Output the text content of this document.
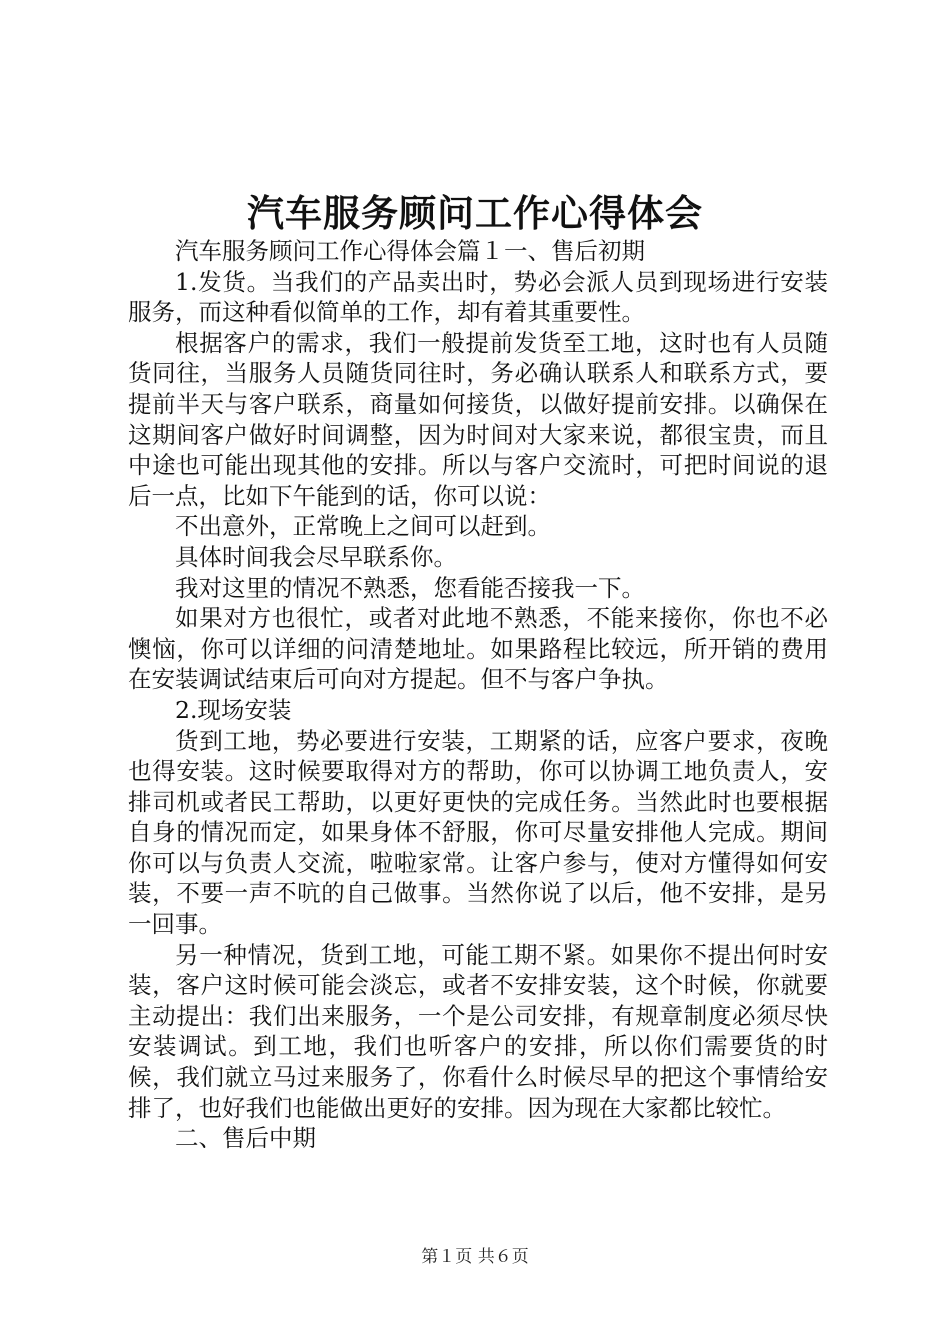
汽车服务顾问工作心得体会

汽车服务顾问工作心得体会篇１一、售后初期

1.发货。当我们的产品卖出时，势必会派人员到现场进行安装服务，而这种看似简单的工作，却有着其重要性。

根据客户的需求，我们一般提前发货至工地，这时也有人员随货同往，当服务人员随货同往时，务必确认联系人和联系方式，要提前半天与客户联系，商量如何接货，以做好提前安排。以确保在这期间客户做好时间调整，因为时间对大家来说，都很宝贵，而且中途也可能出现其他的安排。所以与客户交流时，可把时间说的退后一点，比如下午能到的话，你可以说：

不出意外，正常晚上之间可以赶到。

具体时间我会尽早联系你。

我对这里的情况不熟悉，您看能否接我一下。

如果对方也很忙，或者对此地不熟悉，不能来接你，你也不必懊恼，你可以详细的问清楚地址。如果路程比较远，所开销的费用在安装调试结束后可向对方提起。但不与客户争执。

2.现场安装

货到工地，势必要进行安装，工期紧的话，应客户要求，夜晚也得安装。这时候要取得对方的帮助，你可以协调工地负责人，安排司机或者民工帮助，以更好更快的完成任务。当然此时也要根据自身的情况而定，如果身体不舒服，你可尽量安排他人完成。期间你可以与负责人交流，啦啦家常。让客户参与，使对方懂得如何安装，不要一声不吭的自己做事。当然你说了以后，他不安排，是另一回事。

另一种情况，货到工地，可能工期不紧。如果你不提出何时安装，客户这时候可能会淡忘，或者不安排安装，这个时候，你就要主动提出：我们出来服务，一个是公司安排，有规章制度必须尽快安装调试。到工地，我们也听客户的安排，所以你们需要货的时候，我们就立马过来服务了，你看什么时候尽早的把这个事情给安排了，也好我们也能做出更好的安排。因为现在大家都比较忙。

二、售后中期

第１页 共６页
